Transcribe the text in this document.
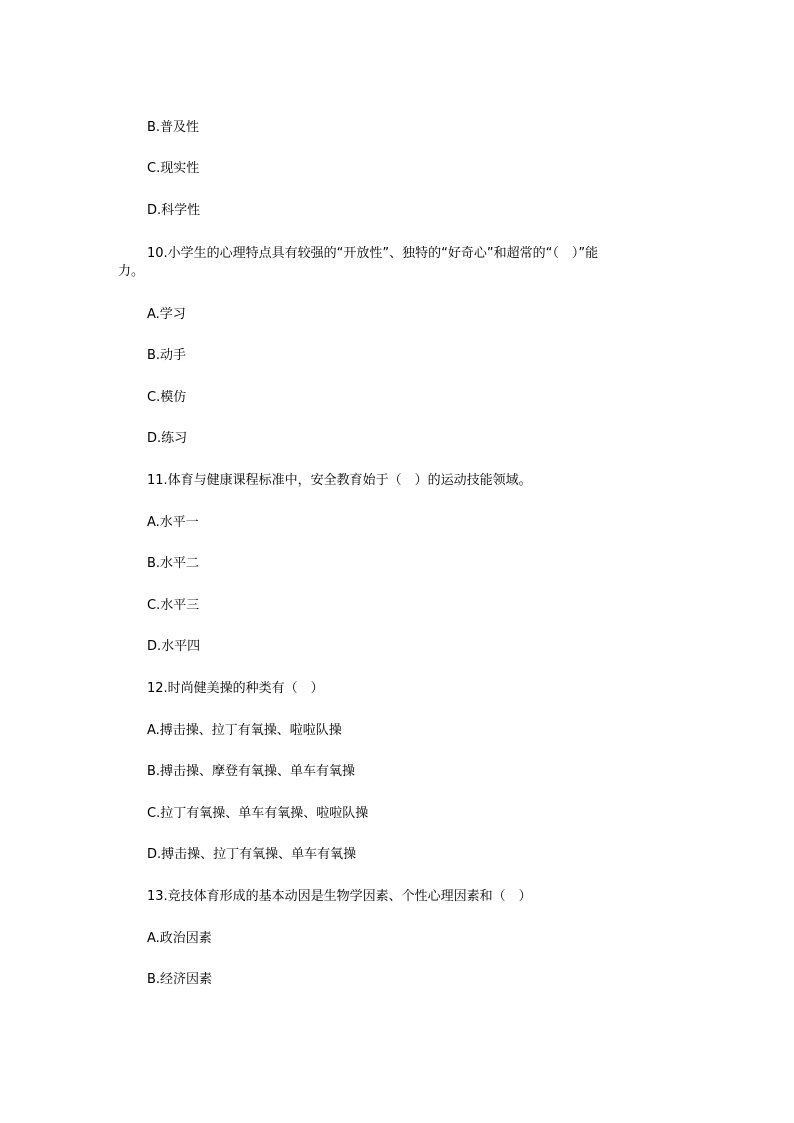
B.普及性
C.现实性
D.科学性
10.小学生的心理特点具有较强的“开放性”、独特的“好奇心”和超常的“（　）”能
力。
A.学习
B.动手
C.模仿
D.练习
11.体育与健康课程标准中，安全教育始于（　）的运动技能领域。
A.水平一
B.水平二
C.水平三
D.水平四
12.时尚健美操的种类有（　）
A.搏击操、拉丁有氧操、啦啦队操
B.搏击操、摩登有氧操、单车有氧操
C.拉丁有氧操、单车有氧操、啦啦队操
D.搏击操、拉丁有氧操、单车有氧操
13.竞技体育形成的基本动因是生物学因素、个性心理因素和（　）
A.政治因素
B.经济因素
